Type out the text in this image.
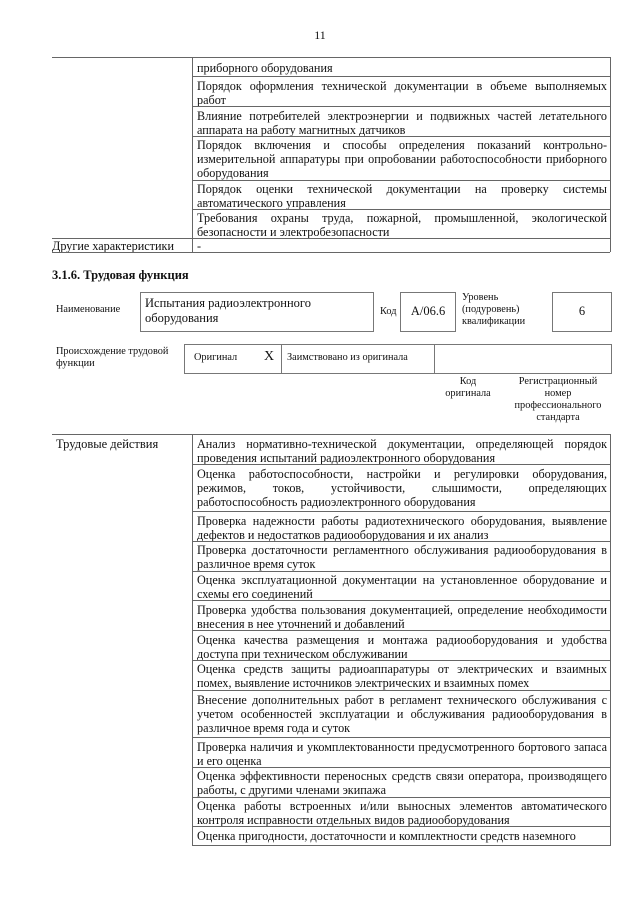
11
приборного оборудования
Порядок оформления технической документации в объеме выполняемых работ
Влияние потребителей электроэнергии и подвижных частей летательного аппарата на работу магнитных датчиков
Порядок включения и способы определения показаний контрольно-измерительной аппаратуры при опробовании работоспособности приборного оборудования
Порядок оценки технической документации на проверку системы автоматического управления
Требования охраны труда, пожарной, промышленной, экологической безопасности и электробезопасности
Другие характеристики	-
3.1.6. Трудовая функция
Наименование Испытания радиоэлектронного оборудования	Код	А/06.6
Уровень (подуровень) квалификации
6
Происхождение трудовой функции
Оригинал X Заимствовано из оригинала
Код оригинала
Регистрационный номер профессионального стандарта
Трудовые действия	Анализ нормативно-технической документации, определяющей порядок проведения испытаний радиоэлектронного оборудования
Оценка работоспособности, настройки и регулировки оборудования, режимов, токов, устойчивости, слышимости, определяющих работоспособность радиоэлектронного оборудования
Проверка надежности работы радиотехнического оборудования, выявление дефектов и недостатков радиооборудования и их анализ
Проверка достаточности регламентного обслуживания радиооборудования в различное время суток
Оценка эксплуатационной документации на установленное оборудование и схемы его соединений
Проверка удобства пользования документацией, определение необходимости внесения в нее уточнений и добавлений
Оценка качества размещения и монтажа радиооборудования и удобства доступа при техническом обслуживании
Оценка средств защиты радиоаппаратуры от электрических и взаимных помех, выявление источников электрических и взаимных помех
Внесение дополнительных работ в регламент технического обслуживания с учетом особенностей эксплуатации и обслуживания радиооборудования в различное время года и суток
Проверка наличия и укомплектованности предусмотренного бортового запаса и его оценка
Оценка эффективности переносных средств связи оператора, производящего работы, с другими членами экипажа
Оценка работы встроенных и/или выносных элементов автоматического контроля исправности отдельных видов радиооборудования
Оценка пригодности, достаточности и комплектности средств наземного
